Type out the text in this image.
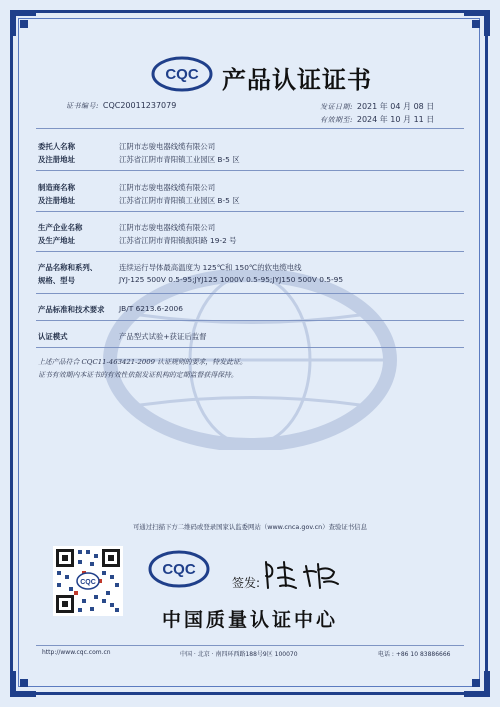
CQC 产品认证证书
证书编号: CQC20011237079	发证日期: 2021 年 04 月 08 日
有效期至: 2024 年 10 月 11 日
委托人名称	江阴市志骏电器线缆有限公司
及注册地址	江苏省江阴市青阳镇工业园区 B-5 区
制造商名称	江阴市志骏电器线缆有限公司
及注册地址	江苏省江阴市青阳镇工业园区 B-5 区
生产企业名称	江阴市志骏电器线缆有限公司
及生产地址	江苏省江阴市青阳镇振阳路 19-2 号
产品名称和系列、	连续运行导体最高温度为 125℃和 150℃的软电缆电线
规格、型号	JYJ-125 500V 0.5-95;JYJ125 1000V 0.5-95;JYJ150 500V 0.5-95
产品标准和技术要求	JB/T 6213.6-2006
认证模式	产品型式试验+获证后监督
上述产品符合 CQC11-463421-2009 认证规则的要求，特发此证。
证书有效期内本证书的有效性依据发证机构的定期监督获得保持。
可通过扫描下方二维码或登录国家认监委网站（www.cnca.gov.cn）查验证书信息
CQC
CQC
签发:
中国质量认证中心
http://www.cqc.com.cn	中国 · 北京 · 南四环西路188号9区 100070	电话 : +86 10 83886666
